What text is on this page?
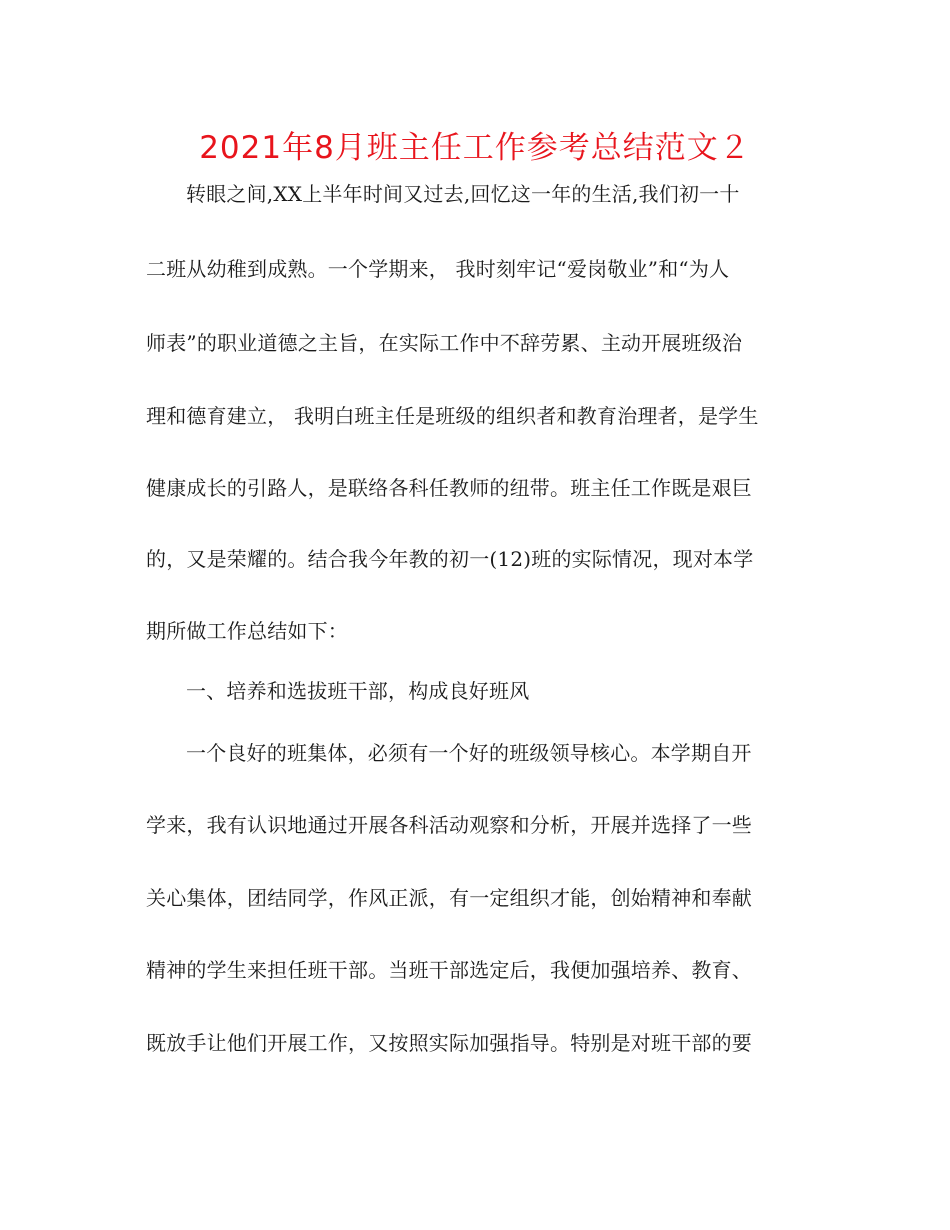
2021年8月班主任工作参考总结范文２
转眼之间,XX上半年时间又过去,回忆这一年的生活,我们初一十
二班从幼稚到成熟。一个学期来， 我时刻牢记“爱岗敬业”和“为人
师表”的职业道德之主旨，在实际工作中不辞劳累、主动开展班级治
理和德育建立， 我明白班主任是班级的组织者和教育治理者，是学生
健康成长的引路人，是联络各科任教师的纽带。班主任工作既是艰巨
的，又是荣耀的。结合我今年教的初一(12)班的实际情况，现对本学
期所做工作总结如下：
一、培养和选拔班干部，构成良好班风
一个良好的班集体，必须有一个好的班级领导核心。本学期自开
学来，我有认识地通过开展各科活动观察和分析，开展并选择了一些
关心集体，团结同学，作风正派，有一定组织才能，创始精神和奉献
精神的学生来担任班干部。当班干部选定后，我便加强培养、教育、
既放手让他们开展工作，又按照实际加强指导。特别是对班干部的要
